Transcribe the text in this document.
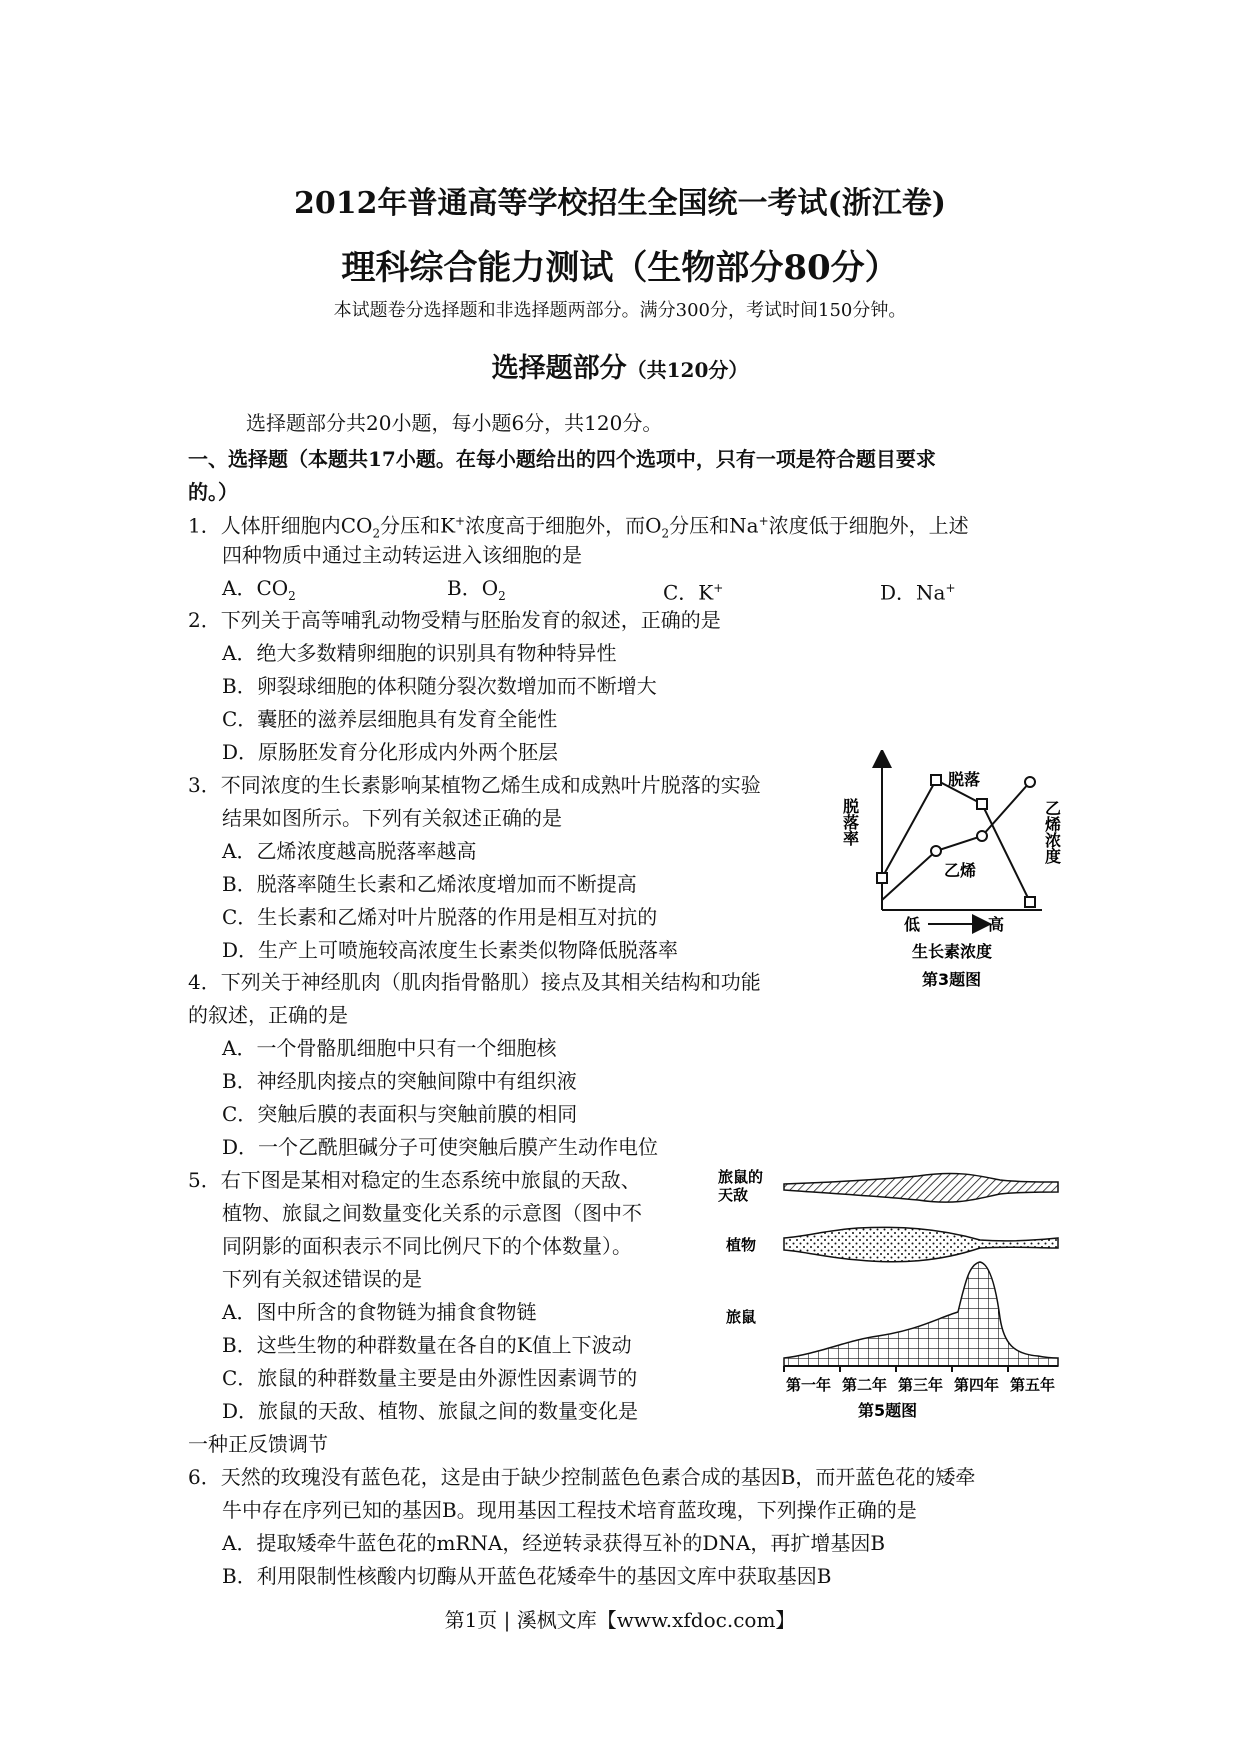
2012年普通高等学校招生全国统一考试(浙江卷)
理科综合能力测试（生物部分80分）
本试题卷分选择题和非选择题两部分。满分300分，考试时间150分钟。
选择题部分（共120分）
选择题部分共20小题，每小题6分，共120分。
一、选择题（本题共17小题。在每小题给出的四个选项中，只有一项是符合题目要求
的。）
1．人体肝细胞内$CO_2$分压和K+浓度高于细胞外，而$O_2$分压和Na+浓度低于细胞外，上述
四种物质中通过主动转运进入该细胞的是
A．$CO_2$	B．$O_2$	C．K+	D．Na+
2．下列关于高等哺乳动物受精与胚胎发育的叙述，正确的是
A．绝大多数精卵细胞的识别具有物种特异性
B．卵裂球细胞的体积随分裂次数增加而不断增大
C．囊胚的滋养层细胞具有发育全能性
D．原肠胚发育分化形成内外两个胚层
3．不同浓度的生长素影响某植物乙烯生成和成熟叶片脱落的实验
结果如图所示。下列有关叙述正确的是
A．乙烯浓度越高脱落率越高
B．脱落率随生长素和乙烯浓度增加而不断提高
C．生长素和乙烯对叶片脱落的作用是相互对抗的
D．生产上可喷施较高浓度生长素类似物降低脱落率
脱落
乙烯
脱落率	乙烯浓度
低	高
生长素浓度
第3题图
4．下列关于神经肌肉（肌肉指骨骼肌）接点及其相关结构和功能
的叙述，正确的是
A．一个骨骼肌细胞中只有一个细胞核
B．神经肌肉接点的突触间隙中有组织液
C．突触后膜的表面积与突触前膜的相同
D．一个乙酰胆碱分子可使突触后膜产生动作电位
5．右下图是某相对稳定的生态系统中旅鼠的天敌、
植物、旅鼠之间数量变化关系的示意图（图中不
同阴影的面积表示不同比例尺下的个体数量）。
下列有关叙述错误的是
A．图中所含的食物链为捕食食物链
B．这些生物的种群数量在各自的K值上下波动
C．旅鼠的种群数量主要是由外源性因素调节的
D．旅鼠的天敌、植物、旅鼠之间的数量变化是
一种正反馈调节
旅鼠的天敌
植物
旅鼠
第一年 第二年 第三年 第四年 第五年
第5题图
6．天然的玫瑰没有蓝色花，这是由于缺少控制蓝色色素合成的基因B，而开蓝色花的矮牵
牛中存在序列已知的基因B。现用基因工程技术培育蓝玫瑰，下列操作正确的是
A．提取矮牵牛蓝色花的mRNA，经逆转录获得互补的DNA，再扩增基因B
B．利用限制性核酸内切酶从开蓝色花矮牵牛的基因文库中获取基因B
第1页 | 溪枫文库【www.xfdoc.com】
